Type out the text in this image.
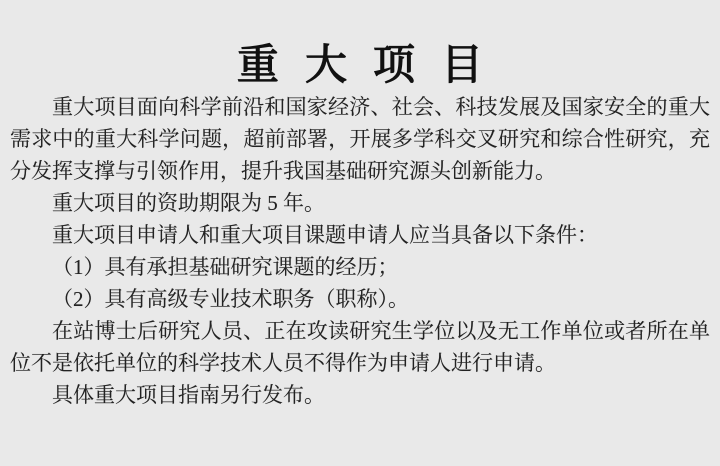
重大项目

重大项目面向科学前沿和国家经济、社会、科技发展及国家安全的重大需求中的重大科学问题，超前部署，开展多学科交叉研究和综合性研究，充分发挥支撑与引领作用，提升我国基础研究源头创新能力。

重大项目的资助期限为 5 年。

重大项目申请人和重大项目课题申请人应当具备以下条件：

（1）具有承担基础研究课题的经历；

（2）具有高级专业技术职务（职称）。

在站博士后研究人员、正在攻读研究生学位以及无工作单位或者所在单位不是依托单位的科学技术人员不得作为申请人进行申请。

具体重大项目指南另行发布。
